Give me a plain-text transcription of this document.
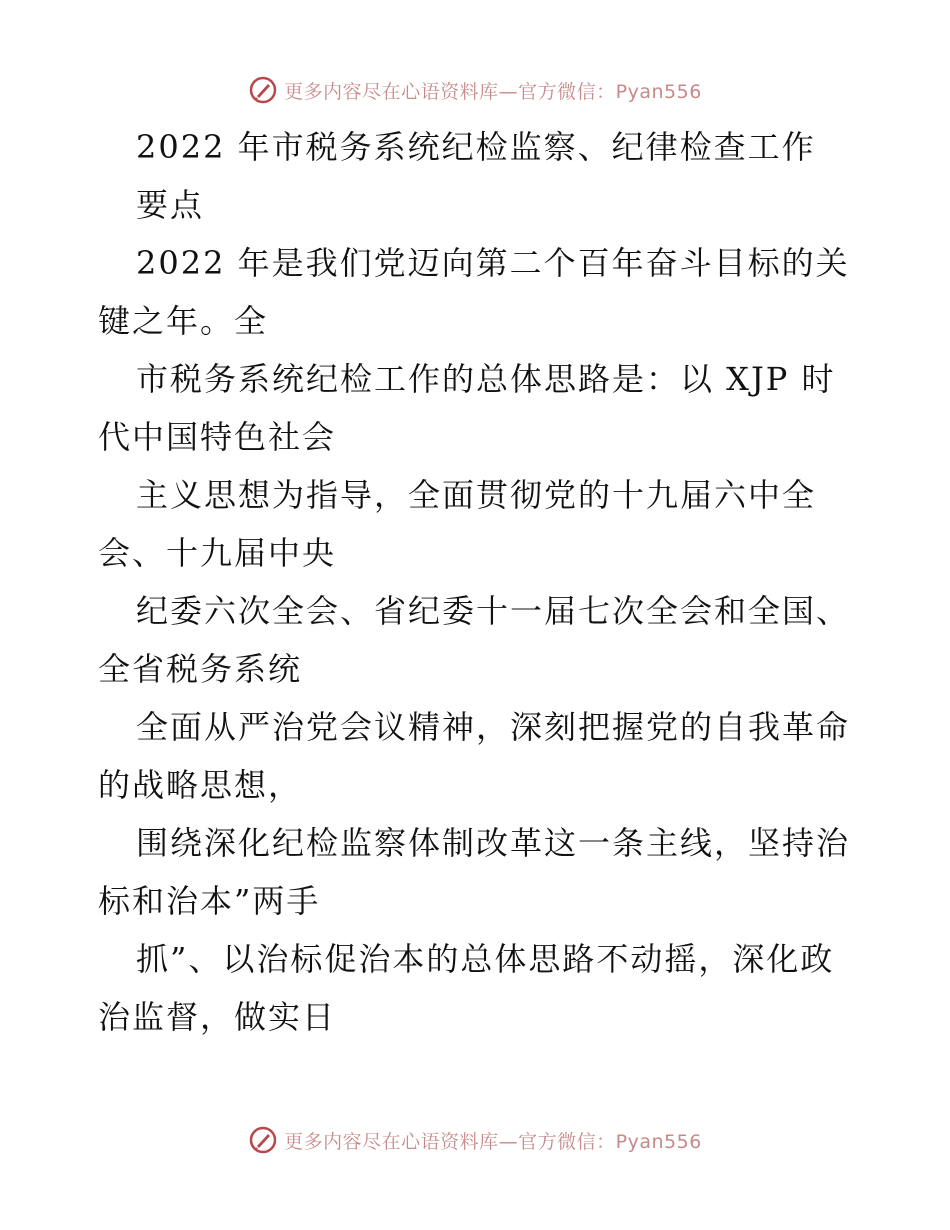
更多内容尽在心语资料库—官方微信：Pyan556
2022 年市税务系统纪检监察、纪律检查工作
要点
2022 年是我们党迈向第二个百年奋斗目标的关
键之年。全
市税务系统纪检工作的总体思路是：以 XJP 时
代中国特色社会
主义思想为指导，全面贯彻党的十九届六中全
会、十九届中央
纪委六次全会、省纪委十一届七次全会和全国、
全省税务系统
全面从严治党会议精神，深刻把握党的自我革命
的战略思想，
围绕深化纪检监察体制改革这一条主线，坚持治
标和治本”两手
抓”、以治标促治本的总体思路不动摇，深化政
治监督，做实日
更多内容尽在心语资料库—官方微信：Pyan556
